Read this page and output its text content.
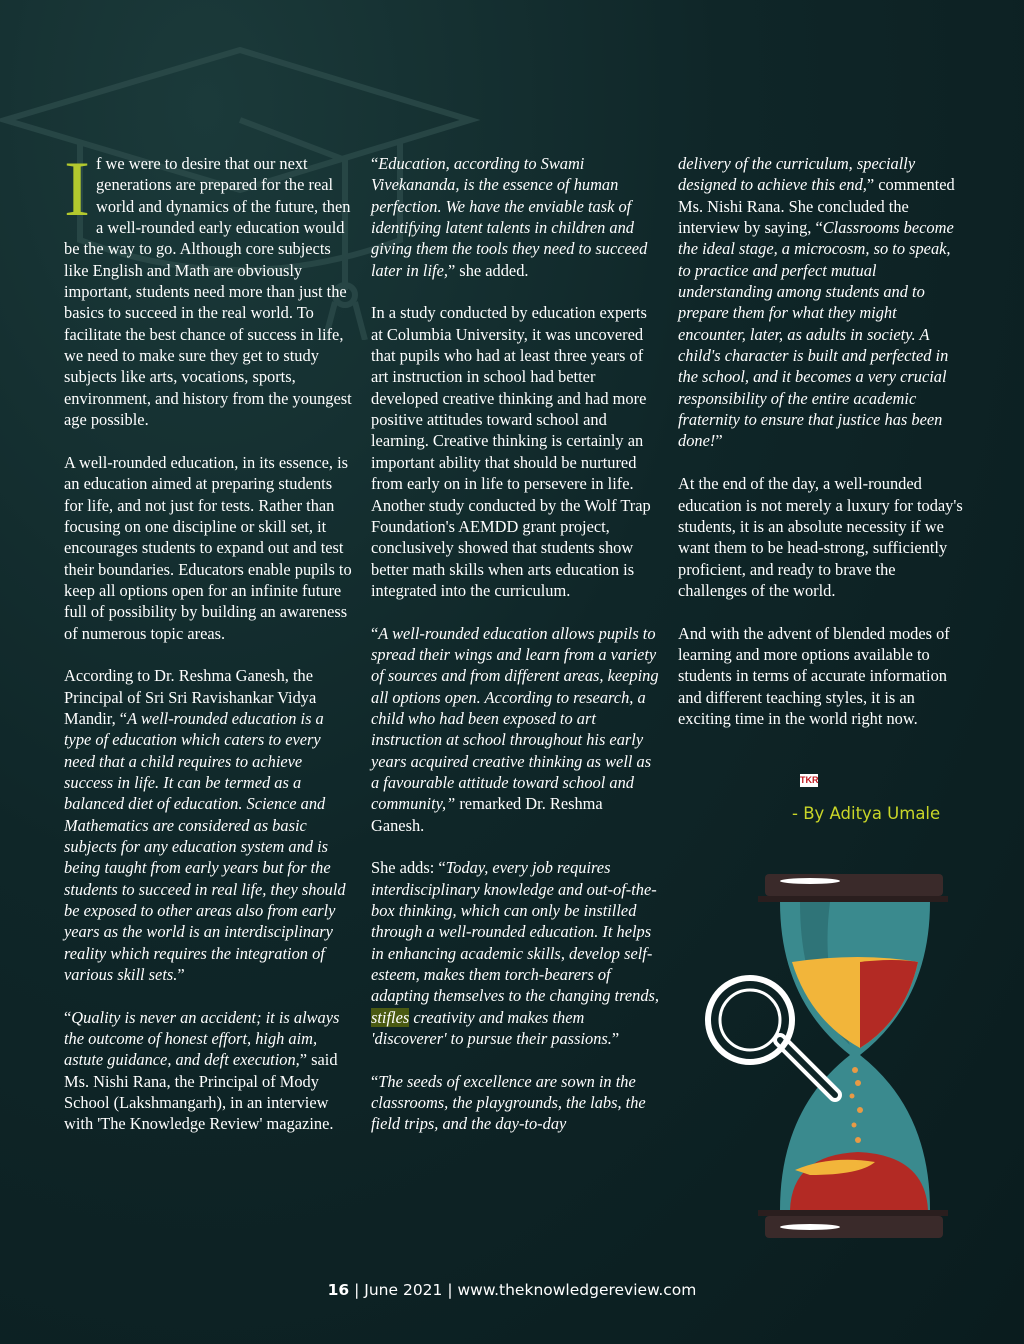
If we were to desire that our next generations are prepared for the real world and dynamics of the future, then a well-rounded early education would be the way to go. Although core subjects like English and Math are obviously important, students need more than just the basics to succeed in the real world. To facilitate the best chance of success in life, we need to make sure they get to study subjects like arts, vocations, sports, environment, and history from the youngest age possible.

A well-rounded education, in its essence, is an education aimed at preparing students for life, and not just for tests. Rather than focusing on one discipline or skill set, it encourages students to expand out and test their boundaries. Educators enable pupils to keep all options open for an infinite future full of possibility by building an awareness of numerous topic areas.

According to Dr. Reshma Ganesh, the Principal of Sri Sri Ravishankar Vidya Mandir, “A well-rounded education is a type of education which caters to every need that a child requires to achieve success in life. It can be termed as a balanced diet of education. Science and Mathematics are considered as basic subjects for any education system and is being taught from early years but for the students to succeed in real life, they should be exposed to other areas also from early years as the world is an interdisciplinary reality which requires the integration of various skill sets.”

“Quality is never an accident; it is always the outcome of honest effort, high aim, astute guidance, and deft execution,” said Ms. Nishi Rana, the Principal of Mody School (Lakshmangarh), in an interview with 'The Knowledge Review' magazine.

“Education, according to Swami Vivekananda, is the essence of human perfection. We have the enviable task of identifying latent talents in children and giving them the tools they need to succeed later in life,” she added.

In a study conducted by education experts at Columbia University, it was uncovered that pupils who had at least three years of art instruction in school had better developed creative thinking and had more positive attitudes toward school and learning. Creative thinking is certainly an important ability that should be nurtured from early on in life to persevere in life. Another study conducted by the Wolf Trap Foundation's AEMDD grant project, conclusively showed that students show better math skills when arts education is integrated into the curriculum.

“A well-rounded education allows pupils to spread their wings and learn from a variety of sources and from different areas, keeping all options open. According to research, a child who had been exposed to art instruction at school throughout his early years acquired creative thinking as well as a favourable attitude toward school and community,” remarked Dr. Reshma Ganesh.

She adds: “Today, every job requires interdisciplinary knowledge and out-of-the-box thinking, which can only be instilled through a well-rounded education. It helps in enhancing academic skills, develop self-esteem, makes them torch-bearers of adapting themselves to the changing trends, stifles creativity and makes them 'discoverer' to pursue their passions.”

“The seeds of excellence are sown in the classrooms, the playgrounds, the labs, the field trips, and the day-to-day

delivery of the curriculum, specially designed to achieve this end,” commented Ms. Nishi Rana. She concluded the interview by saying, “Classrooms become the ideal stage, a microcosm, so to speak, to practice and perfect mutual understanding among students and to prepare them for what they might encounter, later, as adults in society. A child's character is built and perfected in the school, and it becomes a very crucial responsibility of the entire academic fraternity to ensure that justice has been done!”

At the end of the day, a well-rounded education is not merely a luxury for today's students, it is an absolute necessity if we want them to be head-strong, sufficiently proficient, and ready to brave the challenges of the world.

And with the advent of blended modes of learning and more options available to students in terms of accurate information and different teaching styles, it is an exciting time in the world right now.

TKR
- By Aditya Umale
16 | June 2021 | www.theknowledgereview.com
